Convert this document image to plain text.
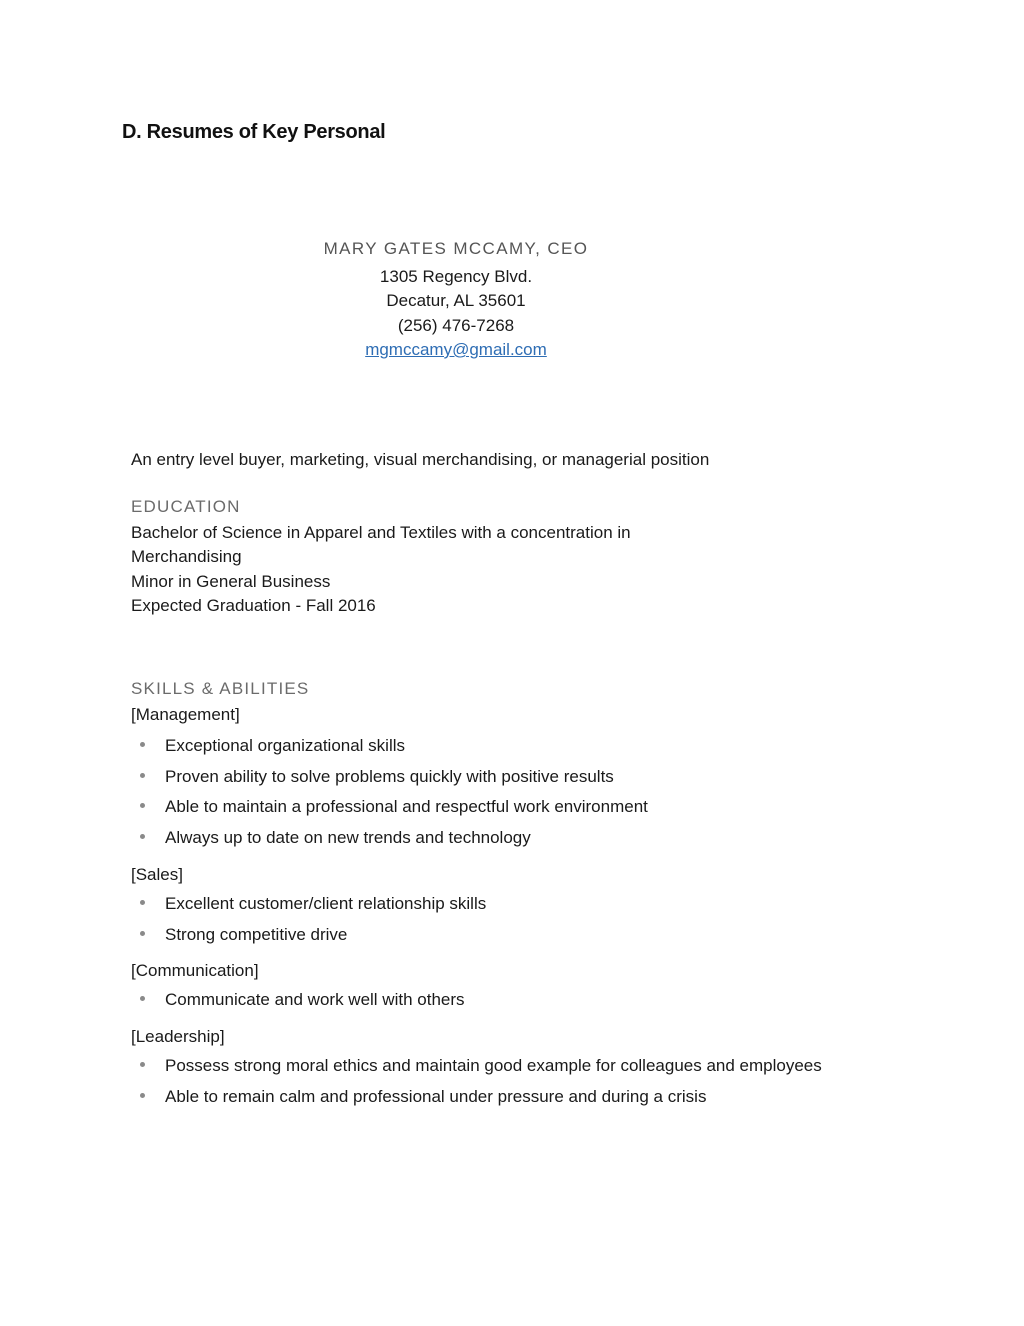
D. Resumes of Key Personal
MARY GATES MCCAMY, CEO
1305 Regency Blvd.
Decatur, AL 35601
(256) 476-7268
mgmccamy@gmail.com
An entry level buyer, marketing, visual merchandising, or managerial position
EDUCATION
Bachelor of Science in Apparel and Textiles with a concentration in
Merchandising
Minor in General Business
Expected Graduation - Fall 2016
SKILLS & ABILITIES
[Management]
Exceptional organizational skills
Proven ability to solve problems quickly with positive results
Able to maintain a professional and respectful work environment
Always up to date on new trends and technology
[Sales]
Excellent customer/client relationship skills
Strong competitive drive
[Communication]
Communicate and work well with others
[Leadership]
Possess strong moral ethics and maintain good example for colleagues and employees
Able to remain calm and professional under pressure and during a crisis
